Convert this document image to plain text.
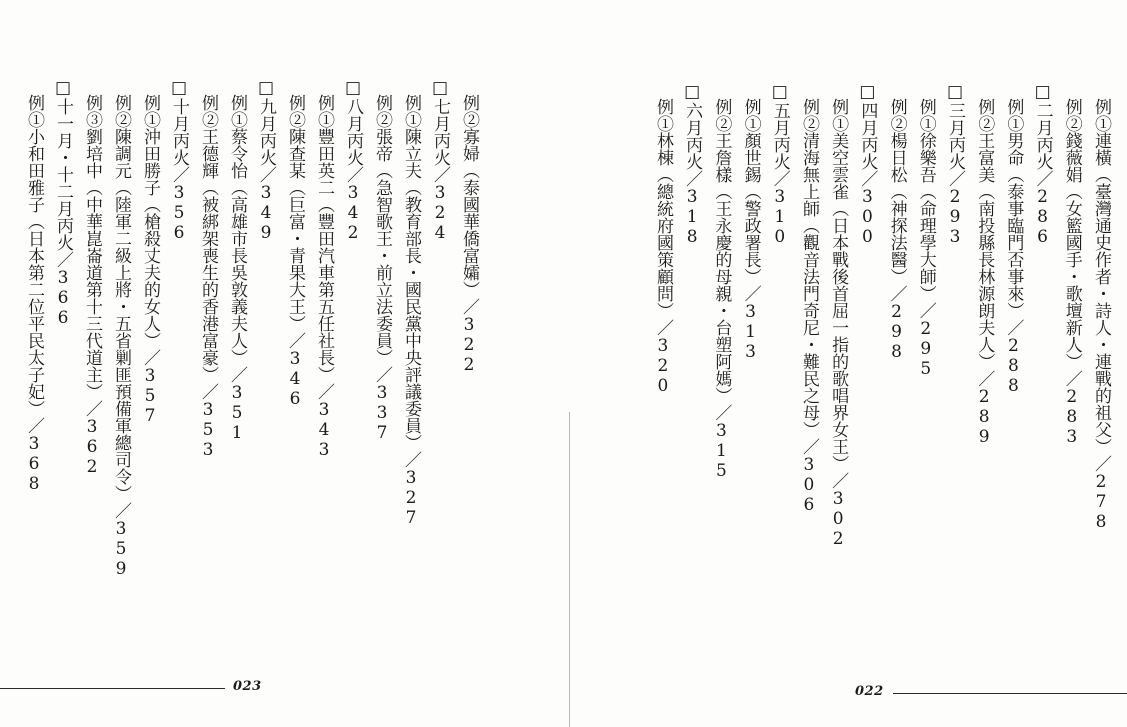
例②寡婦（泰國華僑富孀）／322
□七月丙火／324
例①陳立夫（教育部長・國民黨中央評議委員）／327
例②張帝（急智歌王・前立法委員）／337
□八月丙火／342
例①豐田英二（豐田汽車第五任社長）／343
例②陳查某（巨富・青果大王）／346
□九月丙火／349
例①蔡令怡（高雄市長吳敦義夫人）／351
例②王德輝（被綁架喪生的香港富豪）／353
□十月丙火／356
例①沖田勝子（槍殺丈夫的女人）／357
例②陳調元（陸軍二級上將・五省剿匪預備軍總司令）／359
例③劉培中（中華崑崙道第十三代道主）／362
□十一月・十二月丙火／366
例①小和田雅子（日本第二位平民太子妃）／368
023
例①連橫（臺灣通史作者・詩人・連戰的祖父）／278
例②錢薇娟（女籃國手・歌壇新人）／283
□二月丙火／286
例①男命（泰事臨門否事來）／288
例②王富美（南投縣長林源朗夫人）／289
□三月丙火／293
例①徐樂吾（命理學大師）／295
例②楊日松（神探法醫）／298
□四月丙火／300
例①美空雲雀（日本戰後首屈一指的歌唱界女王）／302
例②清海無上師（觀音法門奇尼・難民之母）／306
□五月丙火／310
例①顏世錫（警政署長）／313
例②王詹樣（王永慶的母親・台塑阿媽）／315
□六月丙火／318
例①林棟（總統府國策顧問）／320
022
